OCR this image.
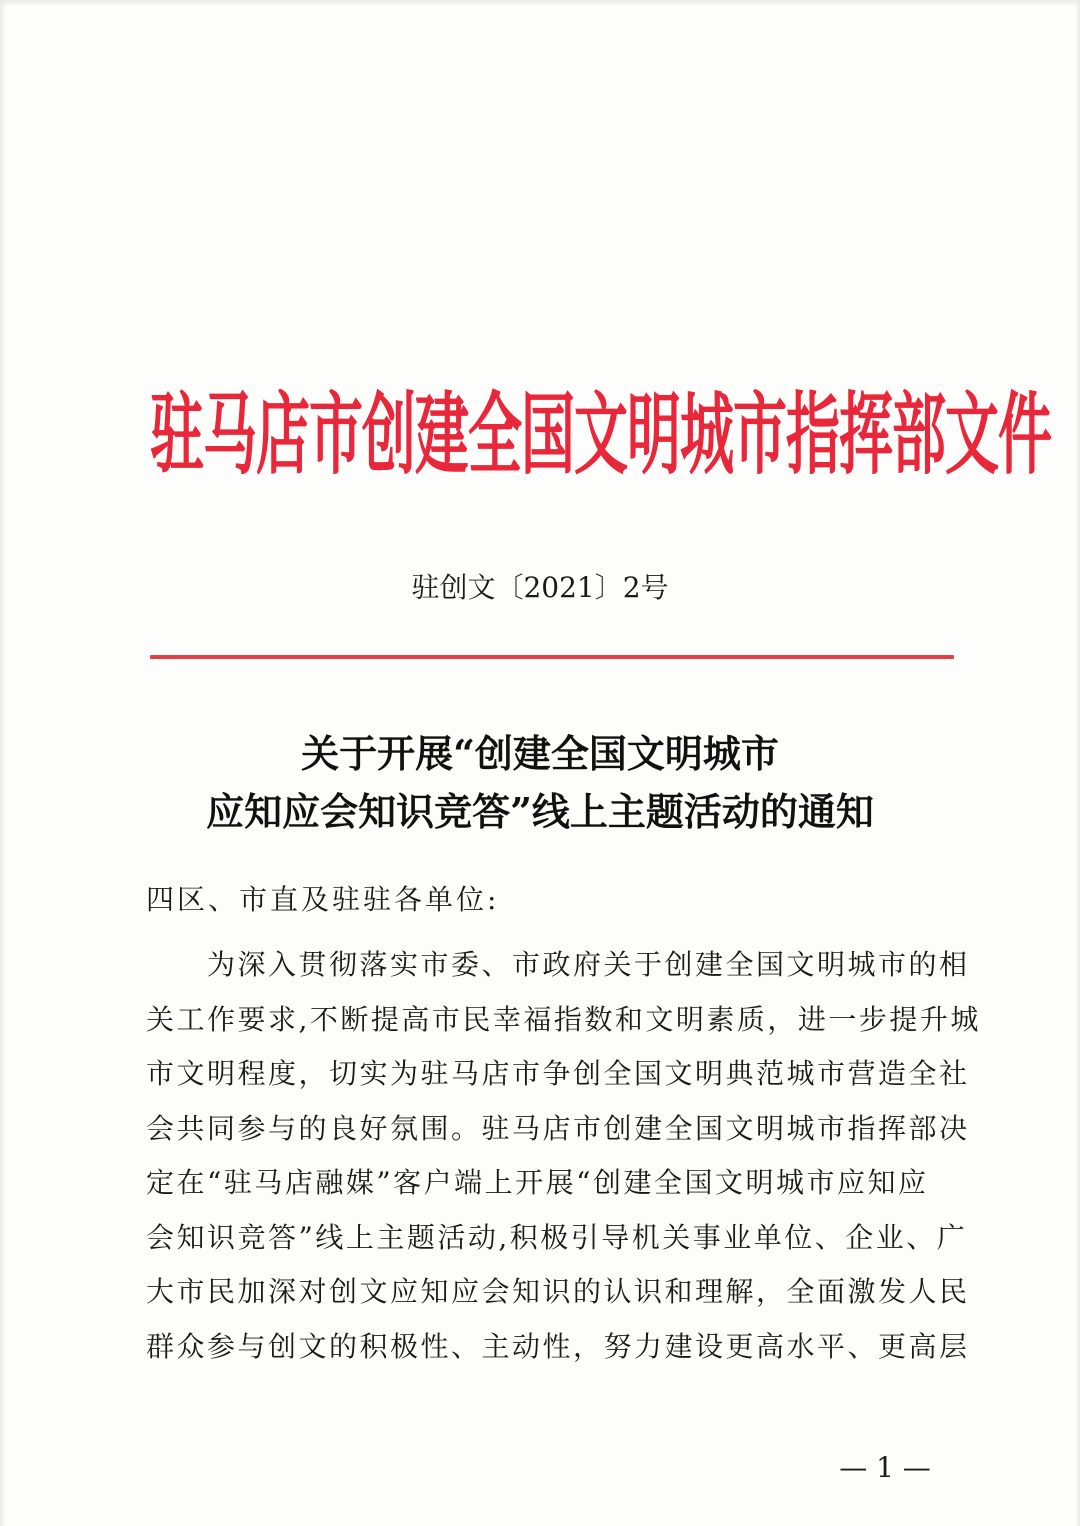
驻马店市创建全国文明城市指挥部文件
驻创文〔2021〕2号
关于开展“创建全国文明城市
应知应会知识竞答”线上主题活动的通知
四区、市直及驻驻各单位:
　　为深入贯彻落实市委、市政府关于创建全国文明城市的相
关工作要求,不断提高市民幸福指数和文明素质，进一步提升城
市文明程度，切实为驻马店市争创全国文明典范城市营造全社
会共同参与的良好氛围。驻马店市创建全国文明城市指挥部决
定在“驻马店融媒”客户端上开展“创建全国文明城市应知应
会知识竞答”线上主题活动,积极引导机关事业单位、企业、广
大市民加深对创文应知应会知识的认识和理解，全面激发人民
群众参与创文的积极性、主动性，努力建设更高水平、更高层
— 1 —
